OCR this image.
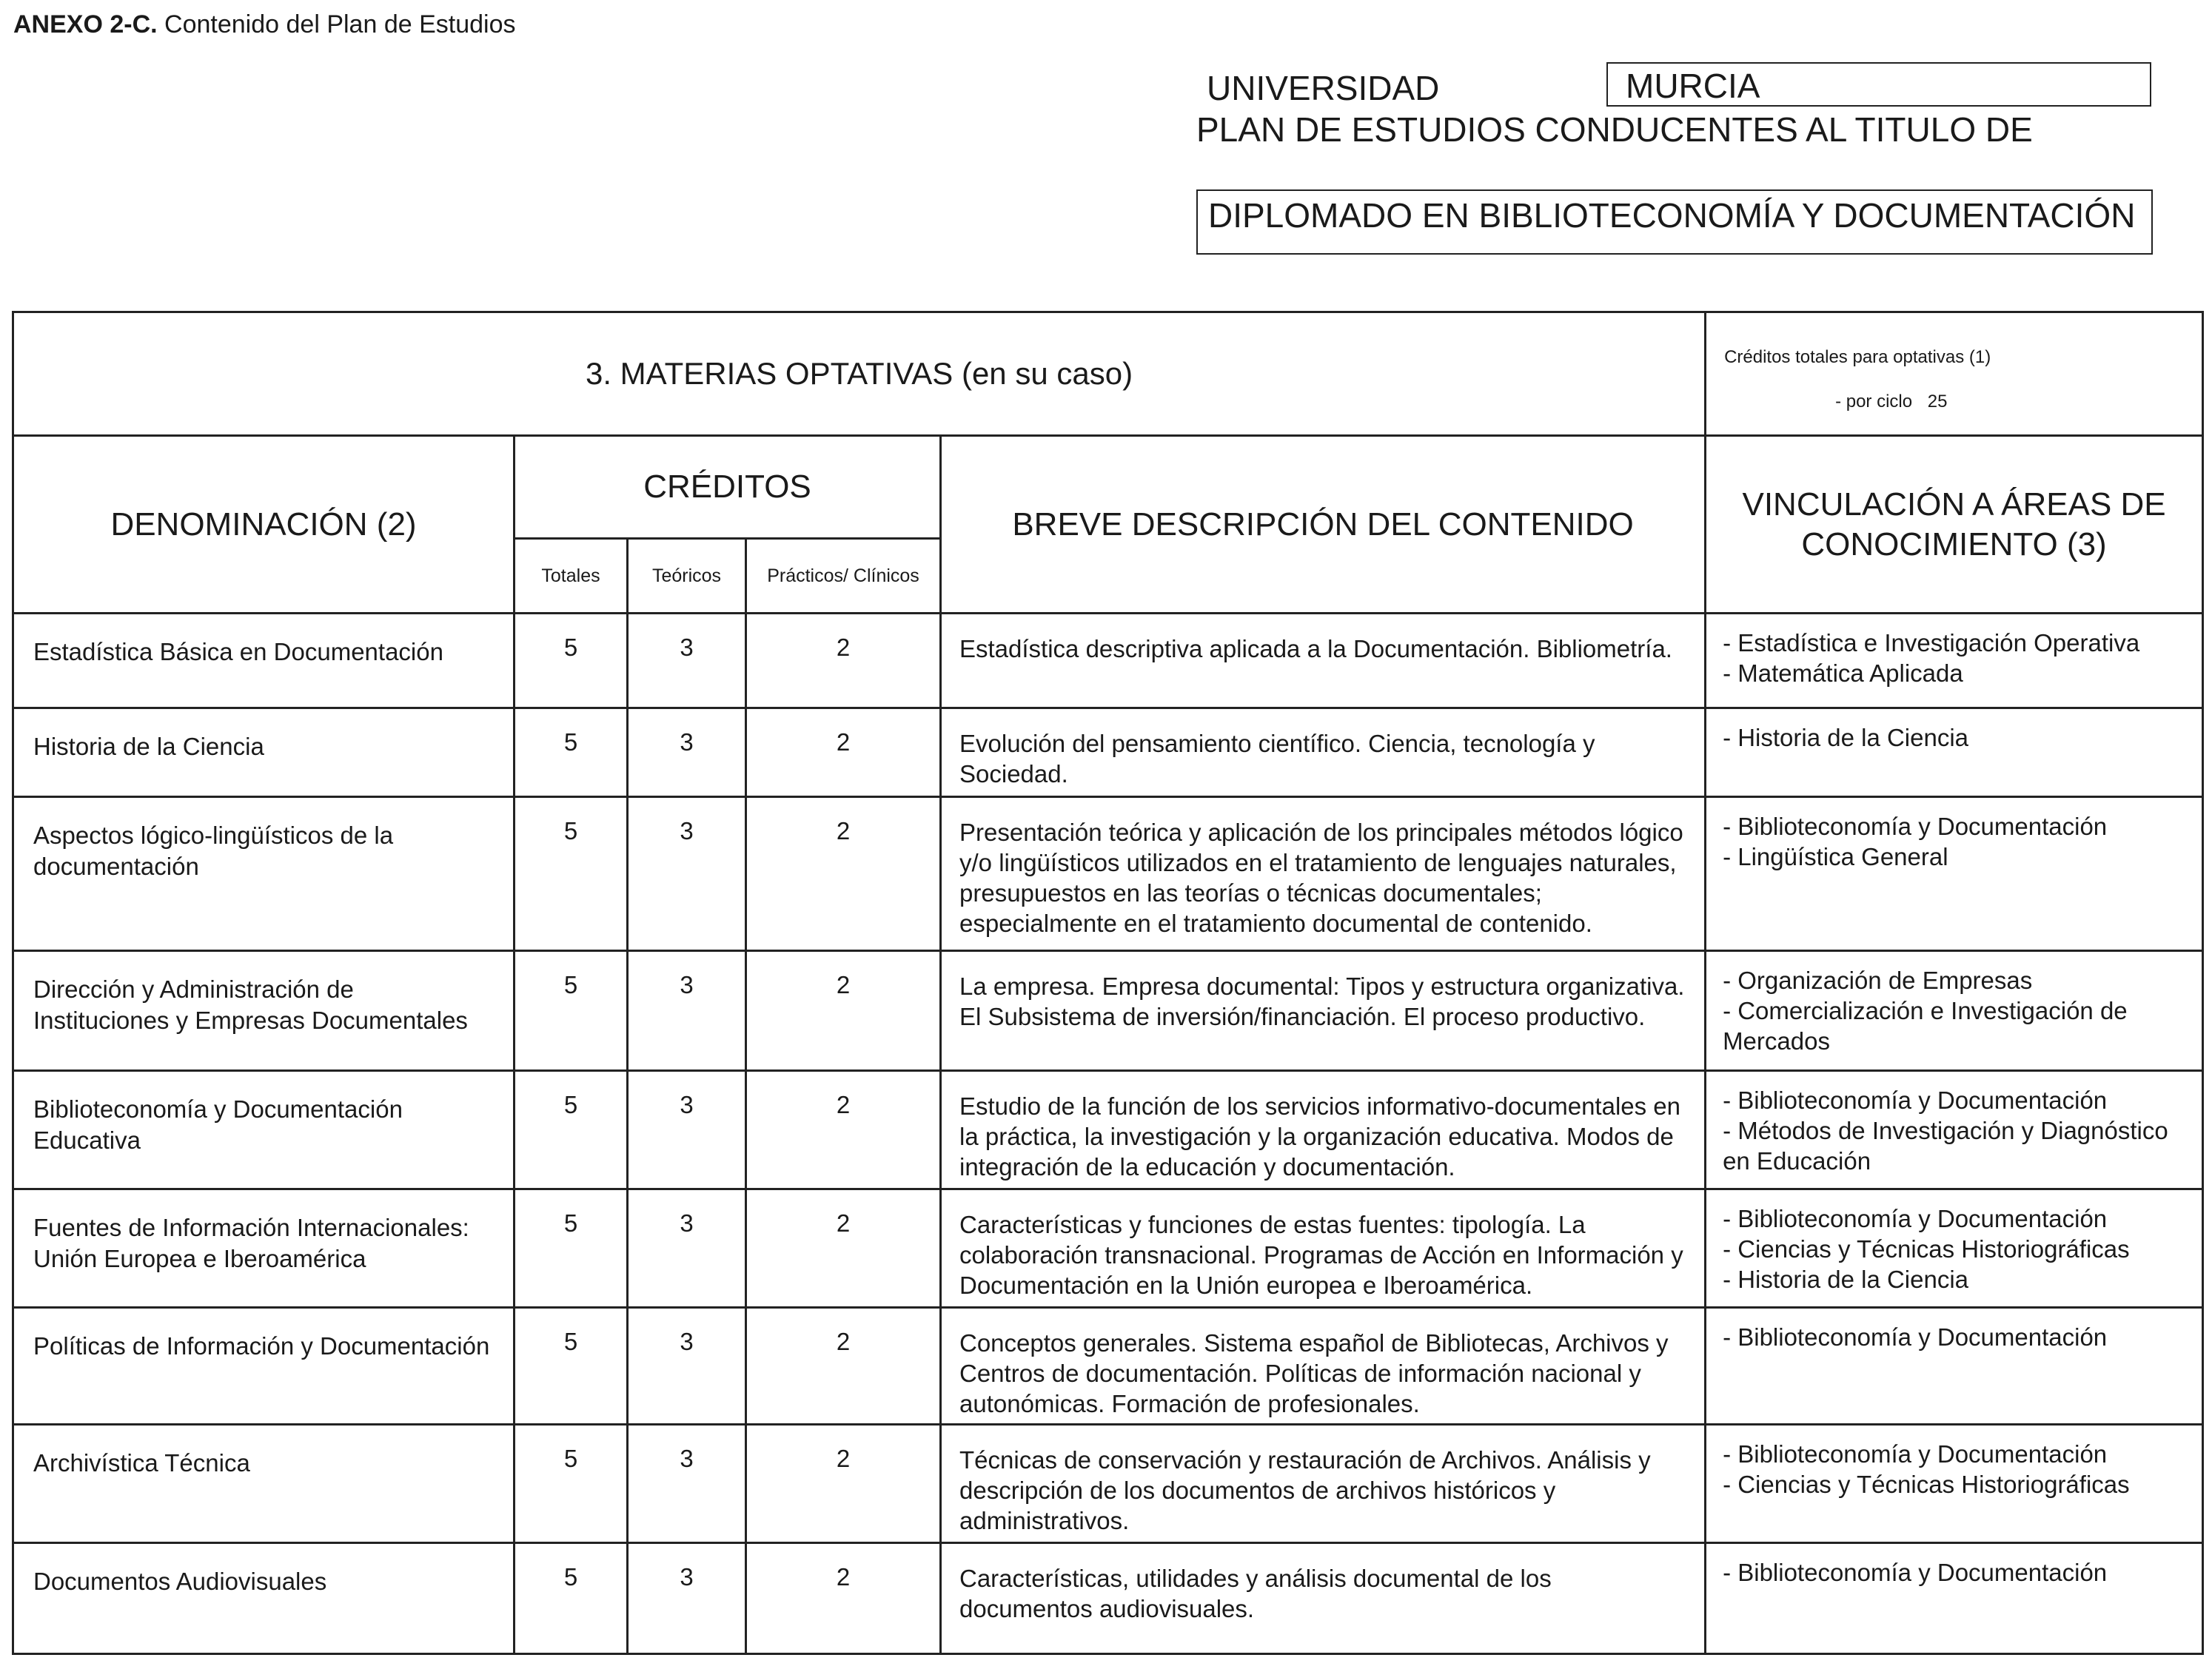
ANEXO 2-C. Contenido del Plan de Estudios
UNIVERSIDAD	MURCIA
PLAN DE ESTUDIOS CONDUCENTES AL TITULO DE
DIPLOMADO EN BIBLIOTECONOMÍA Y DOCUMENTACIÓN
3. MATERIAS OPTATIVAS (en su caso)					Créditos totales para optativas (1)
- por ciclo 25
DENOMINACIÓN (2)	CRÉDITOS			BREVE DESCRIPCIÓN DEL CONTENIDO	VINCULACIÓN A ÁREAS DE CONOCIMIENTO (3)
	Totales	Teóricos	Prácticos/ Clínicos		
Estadística Básica en Documentación	5	3	2	Estadística descriptiva aplicada a la Documentación. Bibliometría.	- Estadística e Investigación Operativa
- Matemática Aplicada

Historia de la Ciencia	5	3	2	Evolución del pensamiento científico. Ciencia, tecnología y Sociedad.	- Historia de la Ciencia

Aspectos lógico-lingüísticos de la documentación	5	3	2	Presentación teórica y aplicación de los principales métodos lógico y/o lingüísticos utilizados en el tratamiento de lenguajes naturales, presupuestos en las teorías o técnicas documentales; especialmente en el tratamiento documental de contenido.	- Biblioteconomía y Documentación
- Lingüística General

Dirección y Administración de Instituciones y Empresas Documentales	5	3	2	La empresa. Empresa documental: Tipos y estructura organizativa. El Subsistema de inversión/financiación. El proceso productivo.	- Organización de Empresas
- Comercialización e Investigación de Mercados

Biblioteconomía y Documentación Educativa	5	3	2	Estudio de la función de los servicios informativo-documentales en la práctica, la investigación y la organización educativa. Modos de integración de la educación y documentación.	- Biblioteconomía y Documentación
- Métodos de Investigación y Diagnóstico en Educación

Fuentes de Información Internacionales: Unión Europea e Iberoamérica	5	3	2	Características y funciones de estas fuentes: tipología. La colaboración transnacional. Programas de Acción en Información y Documentación en la Unión europea e Iberoamérica.	- Biblioteconomía y Documentación
- Ciencias y Técnicas Historiográficas
- Historia de la Ciencia

Políticas de Información y Documentación	5	3	2	Conceptos generales. Sistema español de Bibliotecas, Archivos y Centros de documentación. Políticas de información nacional y autonómicas. Formación de profesionales.	- Biblioteconomía y Documentación

Archivística Técnica	5	3	2	Técnicas de conservación y restauración de Archivos. Análisis y descripción de los documentos de archivos históricos y administrativos.	- Biblioteconomía y Documentación
- Ciencias y Técnicas Historiográficas

Documentos Audiovisuales	5	3	2	Características, utilidades y análisis documental de los documentos audiovisuales.	- Biblioteconomía y Documentación
